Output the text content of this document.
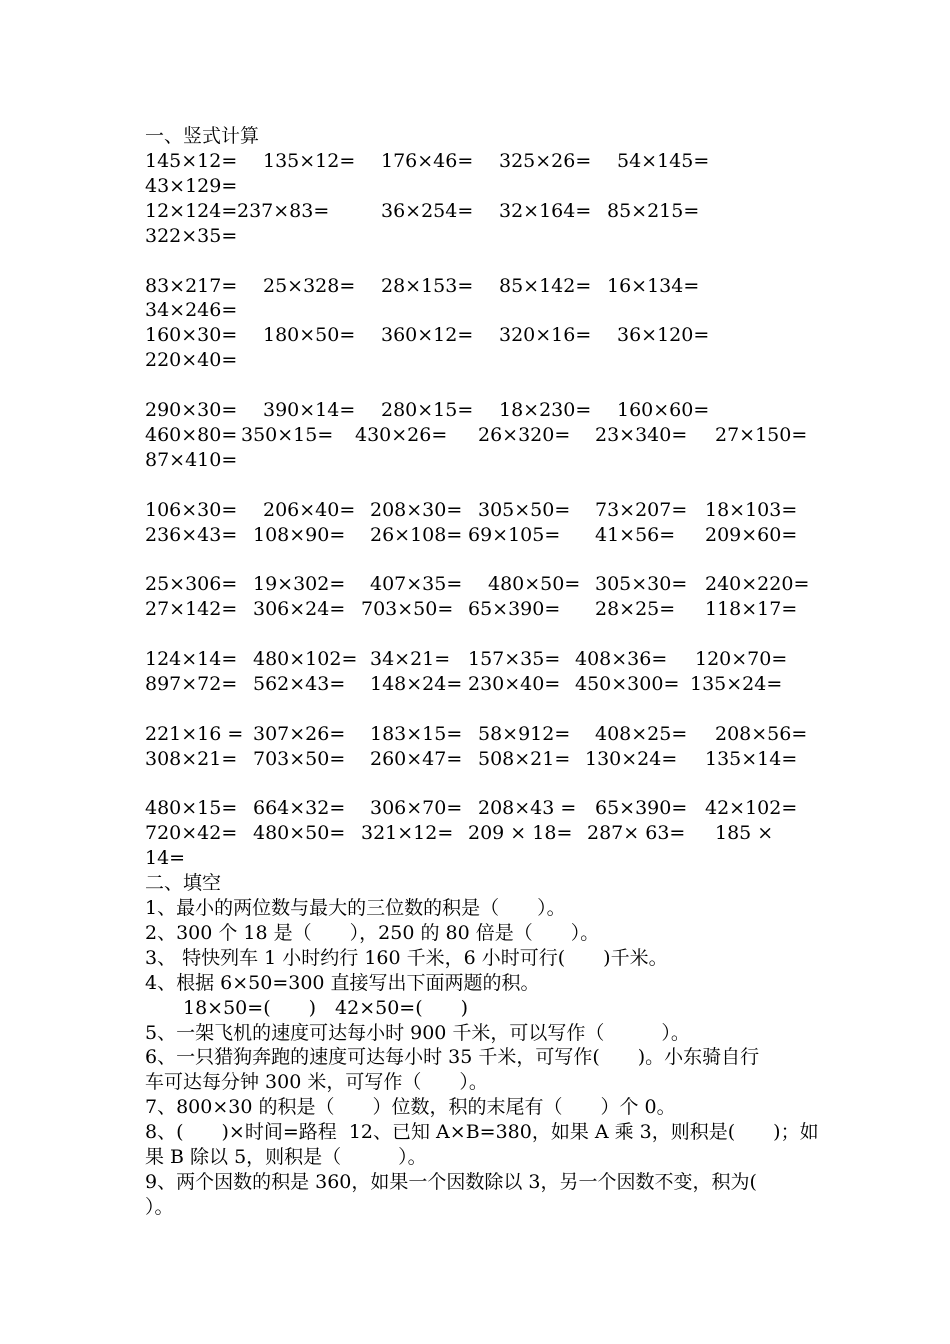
一、竖式计算
145×12= 135×12= 176×46= 325×26= 54×145=
43×129=
12×124= 237×83=	36×254= 32×164= 85×215=
322×35=
83×217= 25×328= 28×153= 85×142= 16×134=
34×246=
160×30= 180×50= 360×12= 320×16= 36×120=
220×40=
290×30= 390×14= 280×15= 18×230= 160×60=
460×80= 350×15= 430×26= 26×320= 23×340= 27×150=
87×410=
106×30= 206×40= 208×30= 305×50= 73×207= 18×103=
236×43= 108×90= 26×108= 69×105= 41×56= 209×60=
25×306= 19×302= 407×35= 480×50= 305×30= 240×220=
27×142= 306×24= 703×50= 65×390= 28×25= 118×17=
124×14= 480×102= 34×21= 157×35= 408×36= 120×70=
897×72= 562×43= 148×24= 230×40= 450×300= 135×24=
221×16 = 307×26= 183×15= 58×912= 408×25= 208×56=
308×21= 703×50= 260×47= 508×21= 130×24= 135×14=
480×15= 664×32= 306×70= 208×43 = 65×390= 42×102=
720×42= 480×50= 321×12= 209 × 18= 287× 63= 185 ×
14=
二、填空
1、最小的两位数与最大的三位数的积是（　　）。
2、300 个 18 是（　　），250 的 80 倍是（　　）。
3、 特快列车 1 小时约行 160 千米，6 小时可行(　　)千米。
4、根据 6×50=300 直接写出下面两题的积。
　　18×50=(　　)　42×50=(　　)
5、一架飞机的速度可达每小时 900 千米，可以写作（　　　）。
6、一只猎狗奔跑的速度可达每小时 35 千米，可写作(　　)。小东骑自行
车可达每分钟 300 米，可写作（　　）。
7、800×30 的积是（　　）位数，积的末尾有（　　）个 0。
8、(　　)×时间=路程  12、已知 A×B=380，如果 A 乘 3，则积是(　　)；如
果 B 除以 5，则积是（　　　）。
9、两个因数的积是 360，如果一个因数除以 3，另一个因数不变，积为(
）。
